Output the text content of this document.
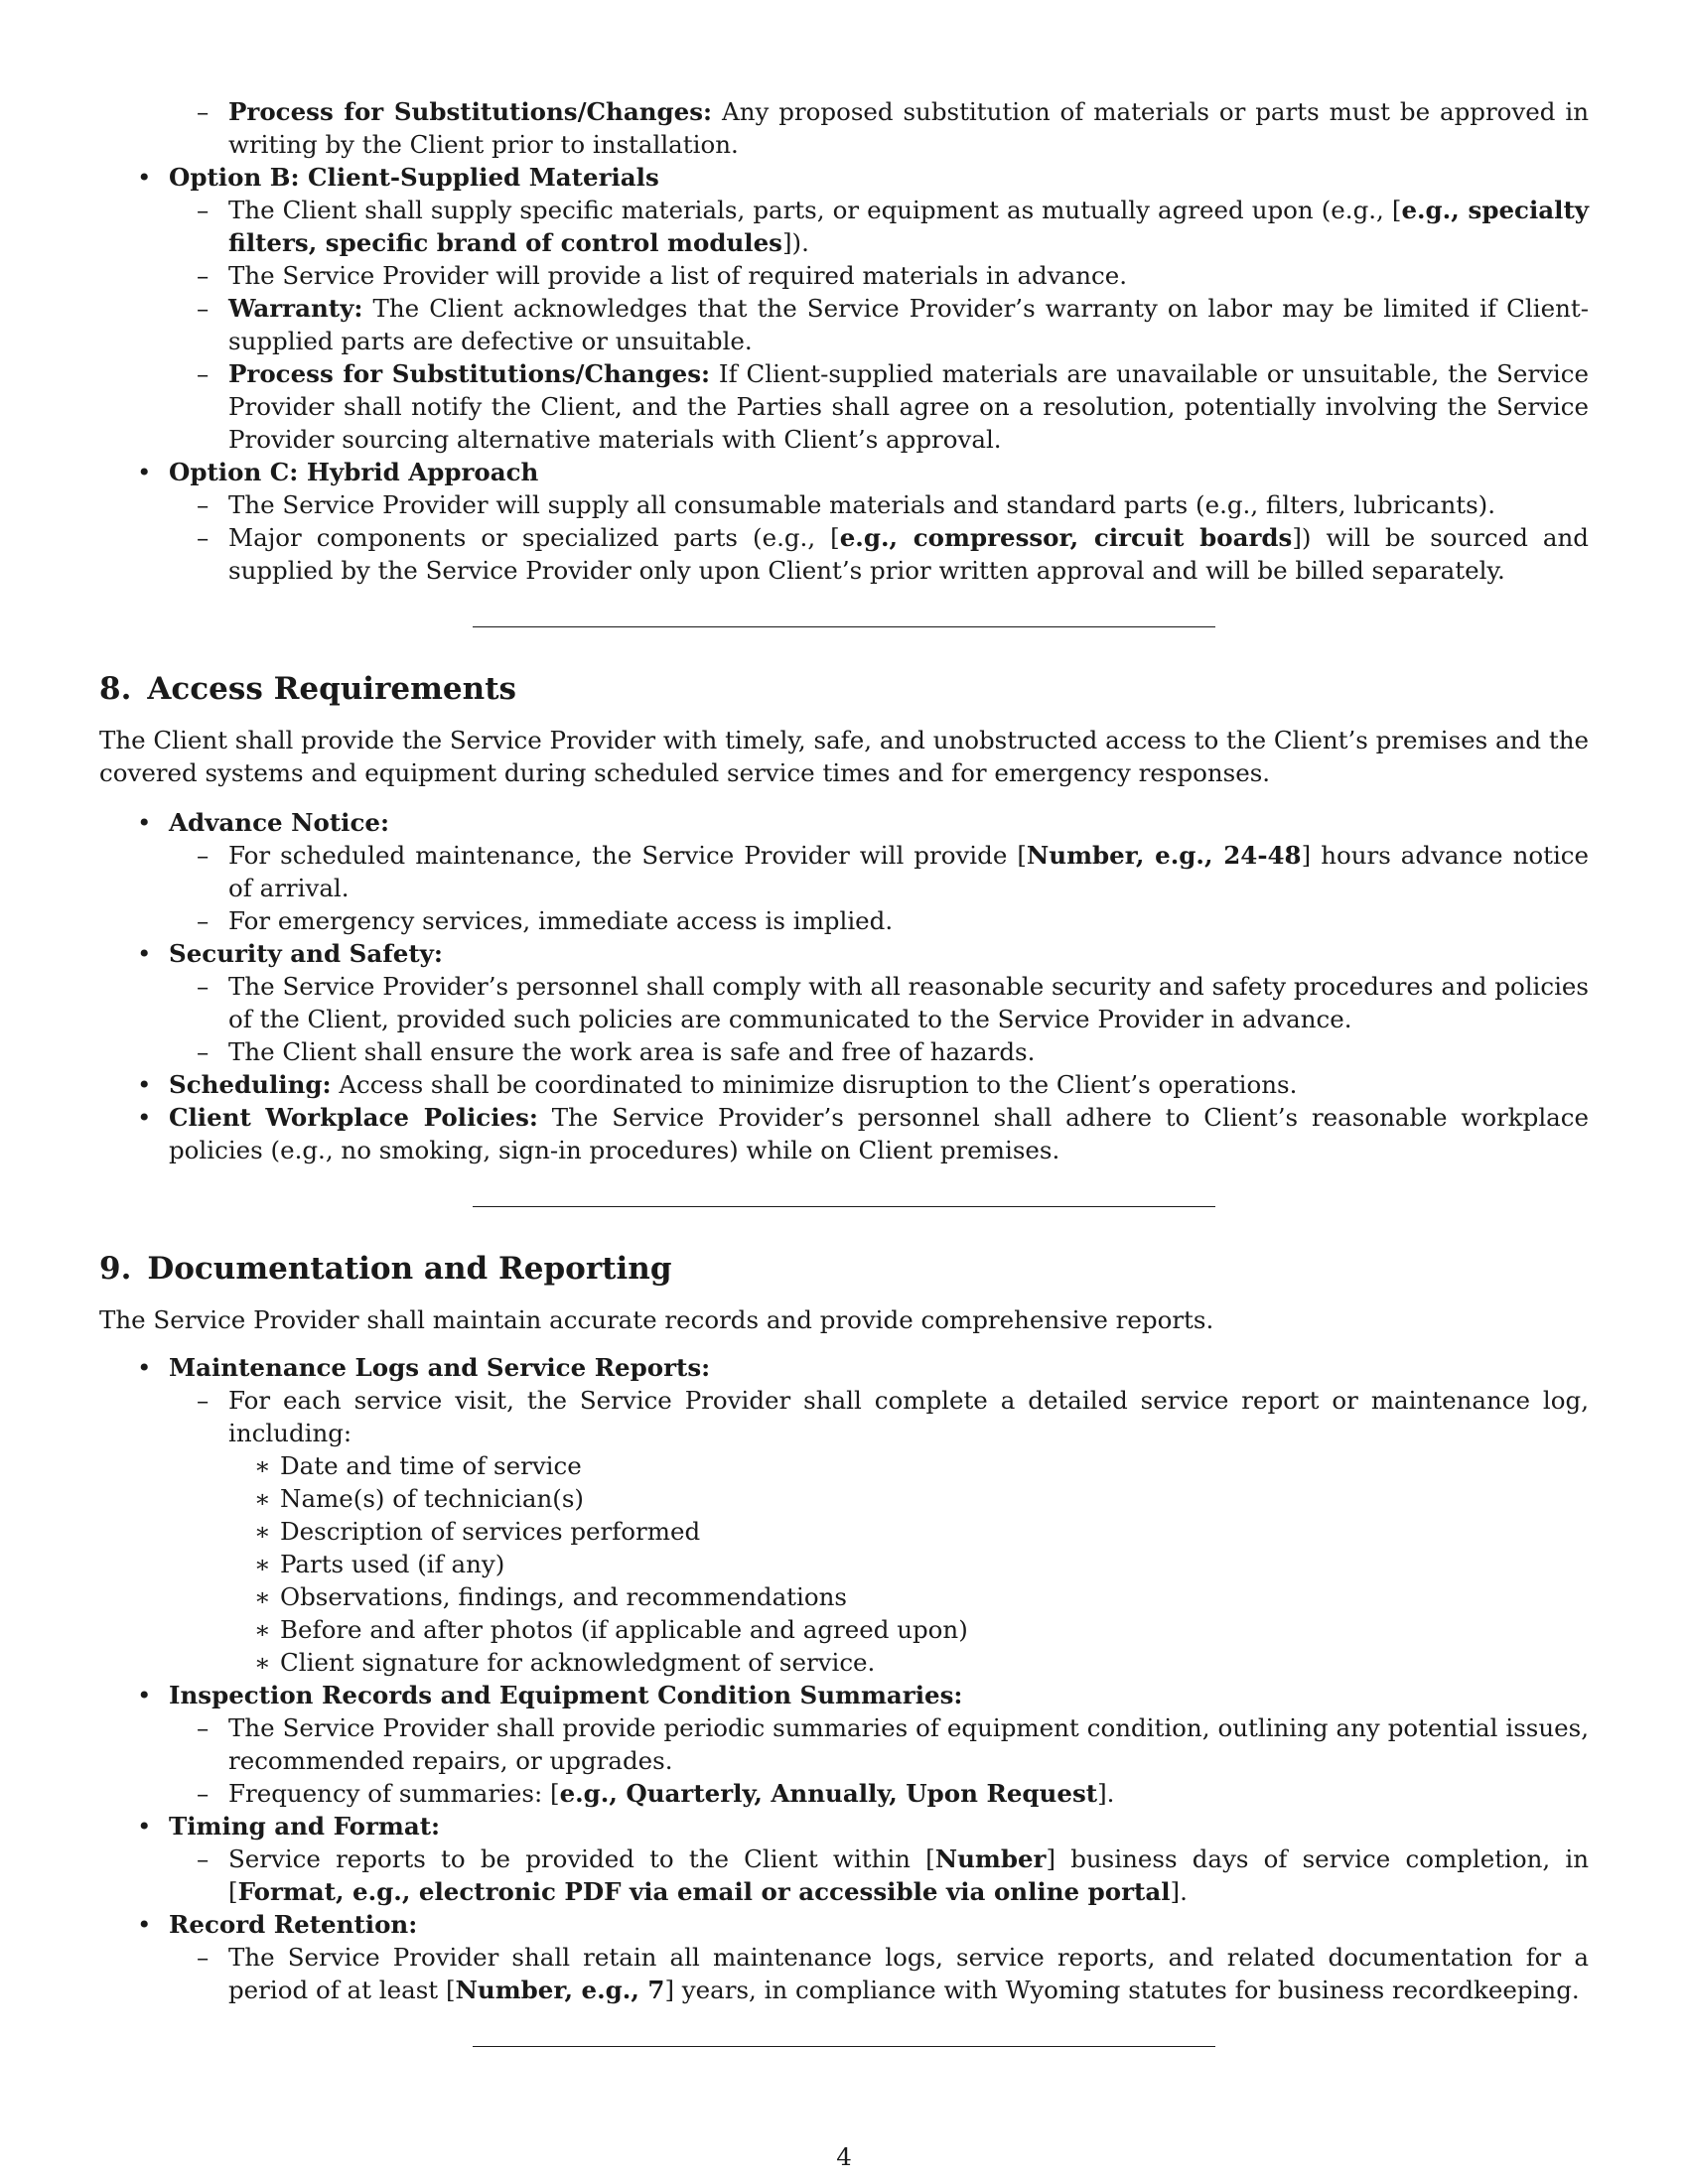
– Process for Substitutions/Changes: Any proposed substitution of materials or parts must be approved in writing by the Client prior to installation.
• Option B: Client-Supplied Materials
– The Client shall supply specific materials, parts, or equipment as mutually agreed upon (e.g., [e.g., specialty filters, specific brand of control modules]).
– The Service Provider will provide a list of required materials in advance.
– Warranty: The Client acknowledges that the Service Provider’s warranty on labor may be limited if Client-supplied parts are defective or unsuitable.
– Process for Substitutions/Changes: If Client-supplied materials are unavailable or unsuitable, the Service Provider shall notify the Client, and the Parties shall agree on a resolution, potentially involving the Service Provider sourcing alternative materials with Client’s approval.
• Option C: Hybrid Approach
– The Service Provider will supply all consumable materials and standard parts (e.g., filters, lubricants).
– Major components or specialized parts (e.g., [e.g., compressor, circuit boards]) will be sourced and supplied by the Service Provider only upon Client’s prior written approval and will be billed separately.
8. Access Requirements

The Client shall provide the Service Provider with timely, safe, and unobstructed access to the Client’s premises and the covered systems and equipment during scheduled service times and for emergency responses.

• Advance Notice:
– For scheduled maintenance, the Service Provider will provide [Number, e.g., 24-48] hours advance notice of arrival.
– For emergency services, immediate access is implied.
• Security and Safety:
– The Service Provider’s personnel shall comply with all reasonable security and safety procedures and policies of the Client, provided such policies are communicated to the Service Provider in advance.
– The Client shall ensure the work area is safe and free of hazards.
• Scheduling: Access shall be coordinated to minimize disruption to the Client’s operations.
• Client Workplace Policies: The Service Provider’s personnel shall adhere to Client’s reasonable workplace policies (e.g., no smoking, sign-in procedures) while on Client premises.
9. Documentation and Reporting

The Service Provider shall maintain accurate records and provide comprehensive reports.

• Maintenance Logs and Service Reports:
– For each service visit, the Service Provider shall complete a detailed service report or maintenance log, including:
∗ Date and time of service
∗ Name(s) of technician(s)
∗ Description of services performed
∗ Parts used (if any)
∗ Observations, findings, and recommendations
∗ Before and after photos (if applicable and agreed upon)
∗ Client signature for acknowledgment of service.
• Inspection Records and Equipment Condition Summaries:
– The Service Provider shall provide periodic summaries of equipment condition, outlining any potential issues, recommended repairs, or upgrades.
– Frequency of summaries: [e.g., Quarterly, Annually, Upon Request].
• Timing and Format:
– Service reports to be provided to the Client within [Number] business days of service completion, in [Format, e.g., electronic PDF via email or accessible via online portal].
• Record Retention:
– The Service Provider shall retain all maintenance logs, service reports, and related documentation for a period of at least [Number, e.g., 7] years, in compliance with Wyoming statutes for business recordkeeping.
4
